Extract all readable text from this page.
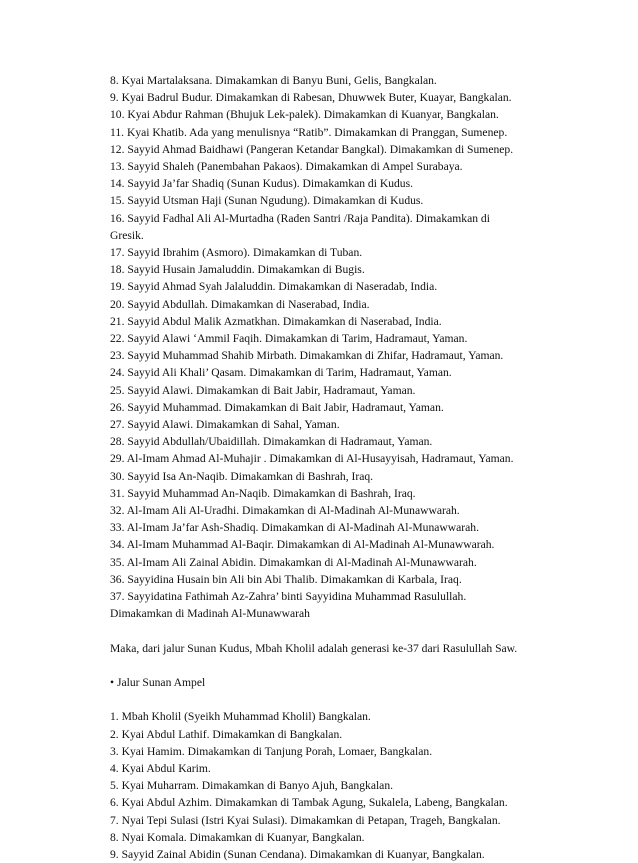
8. Kyai Martalaksana. Dimakamkan di Banyu Buni, Gelis, Bangkalan.
9. Kyai Badrul Budur. Dimakamkan di Rabesan, Dhuwwek Buter, Kuayar, Bangkalan.
10. Kyai Abdur Rahman (Bhujuk Lek-palek). Dimakamkan di Kuanyar, Bangkalan.
11. Kyai Khatib. Ada yang menulisnya “Ratib”. Dimakamkan di Pranggan, Sumenep.
12. Sayyid Ahmad Baidhawi (Pangeran Ketandar Bangkal). Dimakamkan di Sumenep.
13. Sayyid Shaleh (Panembahan Pakaos). Dimakamkan di Ampel Surabaya.
14. Sayyid Ja’far Shadiq (Sunan Kudus). Dimakamkan di Kudus.
15. Sayyid Utsman Haji (Sunan Ngudung). Dimakamkan di Kudus.
16. Sayyid Fadhal Ali Al-Murtadha (Raden Santri /Raja Pandita). Dimakamkan di
Gresik.
17. Sayyid Ibrahim (Asmoro). Dimakamkan di Tuban.
18. Sayyid Husain Jamaluddin. Dimakamkan di Bugis.
19. Sayyid Ahmad Syah Jalaluddin. Dimakamkan di Naseradab, India.
20. Sayyid Abdullah. Dimakamkan di Naserabad, India.
21. Sayyid Abdul Malik Azmatkhan. Dimakamkan di Naserabad, India.
22. Sayyid Alawi ‘Ammil Faqih. Dimakamkan di Tarim, Hadramaut, Yaman.
23. Sayyid Muhammad Shahib Mirbath. Dimakamkan di Zhifar, Hadramaut, Yaman.
24. Sayyid Ali Khali’ Qasam. Dimakamkan di Tarim, Hadramaut, Yaman.
25. Sayyid Alawi. Dimakamkan di Bait Jabir, Hadramaut, Yaman.
26. Sayyid Muhammad. Dimakamkan di Bait Jabir, Hadramaut, Yaman.
27. Sayyid Alawi. Dimakamkan di Sahal, Yaman.
28. Sayyid Abdullah/Ubaidillah. Dimakamkan di Hadramaut, Yaman.
29. Al-Imam Ahmad Al-Muhajir . Dimakamkan di Al-Husayyisah, Hadramaut, Yaman.
30. Sayyid Isa An-Naqib. Dimakamkan di Bashrah, Iraq.
31. Sayyid Muhammad An-Naqib. Dimakamkan di Bashrah, Iraq.
32. Al-Imam Ali Al-Uradhi. Dimakamkan di Al-Madinah Al-Munawwarah.
33. Al-Imam Ja’far Ash-Shadiq. Dimakamkan di Al-Madinah Al-Munawwarah.
34. Al-Imam Muhammad Al-Baqir. Dimakamkan di Al-Madinah Al-Munawwarah.
35. Al-Imam Ali Zainal Abidin. Dimakamkan di Al-Madinah Al-Munawwarah.
36. Sayyidina Husain bin Ali bin Abi Thalib. Dimakamkan di Karbala, Iraq.
37. Sayyidatina Fathimah Az-Zahra’ binti Sayyidina Muhammad Rasulullah.
Dimakamkan di Madinah Al-Munawwarah
Maka, dari jalur Sunan Kudus, Mbah Kholil adalah generasi ke-37 dari Rasulullah Saw.
• Jalur Sunan Ampel
1. Mbah Kholil (Syeikh Muhammad Kholil) Bangkalan.
2. Kyai Abdul Lathif. Dimakamkan di Bangkalan.
3. Kyai Hamim. Dimakamkan di Tanjung Porah, Lomaer, Bangkalan.
4. Kyai Abdul Karim.
5. Kyai Muharram. Dimakamkan di Banyo Ajuh, Bangkalan.
6. Kyai Abdul Azhim. Dimakamkan di Tambak Agung, Sukalela, Labeng, Bangkalan.
7. Nyai Tepi Sulasi (Istri Kyai Sulasi). Dimakamkan di Petapan, Trageh, Bangkalan.
8. Nyai Komala. Dimakamkan di Kuanyar, Bangkalan.
9. Sayyid Zainal Abidin (Sunan Cendana). Dimakamkan di Kuanyar, Bangkalan.
